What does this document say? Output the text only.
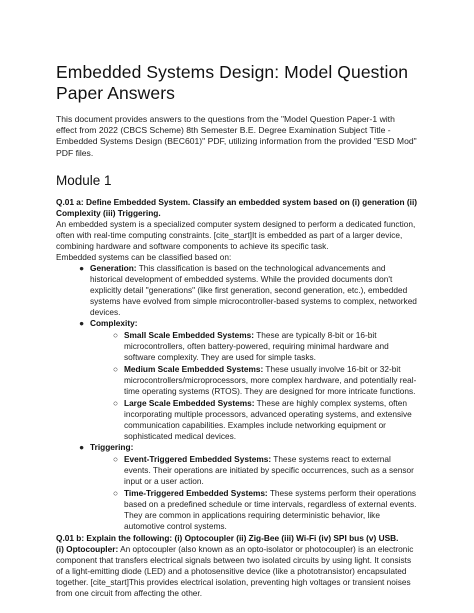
Embedded Systems Design: Model Question Paper Answers

This document provides answers to the questions from the "Model Question Paper-1 with effect from 2022 (CBCS Scheme) 8th Semester B.E. Degree Examination Subject Title - Embedded Systems Design (BEC601)" PDF, utilizing information from the provided "ESD Mod" PDF files.

Module 1

Q.01 a: Define Embedded System. Classify an embedded system based on (i) generation (ii) Complexity (iii) Triggering.

An embedded system is a specialized computer system designed to perform a dedicated function, often with real-time computing constraints. [cite_start]It is embedded as part of a larger device, combining hardware and software components to achieve its specific task.

Embedded systems can be classified based on:

● Generation: This classification is based on the technological advancements and historical development of embedded systems. While the provided documents don't explicitly detail "generations" (like first generation, second generation, etc.), embedded systems have evolved from simple microcontroller-based systems to complex, networked devices.
● Complexity:
○ Small Scale Embedded Systems: These are typically 8-bit or 16-bit microcontrollers, often battery-powered, requiring minimal hardware and software complexity. They are used for simple tasks.
○ Medium Scale Embedded Systems: These usually involve 16-bit or 32-bit microcontrollers/microprocessors, more complex hardware, and potentially real-time operating systems (RTOS). They are designed for more intricate functions.
○ Large Scale Embedded Systems: These are highly complex systems, often incorporating multiple processors, advanced operating systems, and extensive communication capabilities. Examples include networking equipment or sophisticated medical devices.
● Triggering:
○ Event-Triggered Embedded Systems: These systems react to external events. Their operations are initiated by specific occurrences, such as a sensor input or a user action.
○ Time-Triggered Embedded Systems: These systems perform their operations based on a predefined schedule or time intervals, regardless of external events. They are common in applications requiring deterministic behavior, like automotive control systems.

Q.01 b: Explain the following: (i) Optocoupler (ii) Zig-Bee (iii) Wi-Fi (iv) SPI bus (v) USB.

(i) Optocoupler: An optocoupler (also known as an opto-isolator or photocoupler) is an electronic component that transfers electrical signals between two isolated circuits by using light. It consists of a light-emitting diode (LED) and a photosensitive device (like a phototransistor) encapsulated together. [cite_start]This provides electrical isolation, preventing high voltages or transient noises from one circuit from affecting the other.
